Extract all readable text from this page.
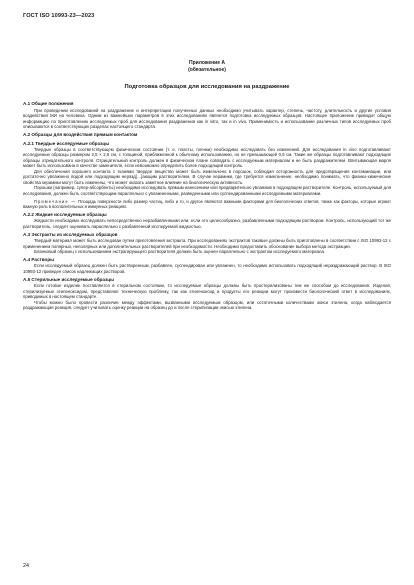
ГОСТ ISO 10993-23—2023
Приложение А
(обязательное)
Подготовка образцов для исследования на раздражение
А.1 Общие положения

При проведении исследований на раздражение и интерпретации полученных данных необходимо учитывать характер, степень, частоту, длительность и другие условия воздействия МИ на человека. Одним из важнейших параметров в этих исследованиях является подготовка исследуемых образцов. Настоящее приложение приводит общую информацию по приготовлению исследуемых проб для исследования раздражения как in vitro, так и in vivo. Применимость и использование различных типов исследуемых проб описываются в соответствующих разделах настоящего стандарта.

А.2 Образцы для воздействия прямым контактом
А.2.1 Твердые исследуемые образцы

Твердые образцы в соответствующем физическом состоянии (т. е. пласты, пленки) необходимо исследовать без изменений. Для исследования in vivo подготавливают исследуемые образцы размером 2,5 × 2,5 см, с толщиной, приближенной к обычному использованию, но не превышающей 0,5 см. Такие же образцы подготавливают подходящие образцы отрицательного контроля. Отрицательный контроль должен в физическом плане совпадать с исследуемым материалом и не быть раздражителем. Впитывающая марля может быть использована в качестве заменителя, если невозможно определить более подходящий контроль.

Для обеспечения хорошего контакта с тканями твердое вещество может быть измельчено в порошок, соблюдая осторожность для предотвращения контаминации, или достаточно увлажнено водой или подходящим неразд[…]ающим растворителем. В случае керамики, где требуется измельчение, необходимо понимать, что физико-химические свойства керамики могут быть изменены, что может оказать заметное влияние на биологическую активность.

Порошки (например, супер-абсорбенты) необходимо исследовать прямым нанесением или предварительно увлажнив в подходящем растворителе. Контроль, используемый для исследования, должен быть соответствующим параллельно с увлажненными, разведенными или суспендированными исследуемыми материалами.

Примечание — Площадь поверхности либо размер частиц, либо и то, и другое являются важными факторами для биологических ответов, также как факторы, которые играют важную роль в воспалительных и иммунных реакциях.

А.2.2 Жидкие исследуемые образцы

Жидкости необходимо исследовать непосредственно неразбавленными или, если это целесообразно, разбавленными подходящим раствором. Контроль, использующий тот же растворитель, следует оценивать параллельно с разбавленной исследуемой жидкостью.

А.3 Экстракты из исследуемых образцов

Твердый материал может быть исследован путем приготовления экстракта. При исследованиях экстрактов таковые должны быть приготовлены в соответствии с ISO 10993-12 с применением полярных, неполярных или дополнительных растворителей при необходимости. Необходимо предоставить обоснование выбора метода экстракции.

Бланковый образец с использованием экстрагирующего растворителя должен быть оценен параллельно с экстрактом исследуемого материала.

А.4 Растворы

Если исследуемый образец должен быть растворенным, разбавлен, суспендирован или увлажнен, то необходимо использовать подходящий нераздражающий раствор. В ISO 10993-12 приведен список надлежащих растворов.

А.5 Стерильные исследуемые образцы

Если готовое изделие поставляется в стерильном состоянии, то исследуемые образцы должны быть простерилизованы тем же способом до исследования. Изделия, стерилизуемые этиленоксидом, представляют техническую проблему, так как этиленоксид и продукты его реакции могут произвести биологический ответ в исследованиях, приводимых в настоящем стандарте.

Чтобы можно было провести различие между эффектами, вызванными исследуемым образцом, или остаточными количествами окиси этилена, когда наблюдается раздражающая реакция, следует учитывать оценку реакции на образец до и после стерилизации окисью этилена.

24
